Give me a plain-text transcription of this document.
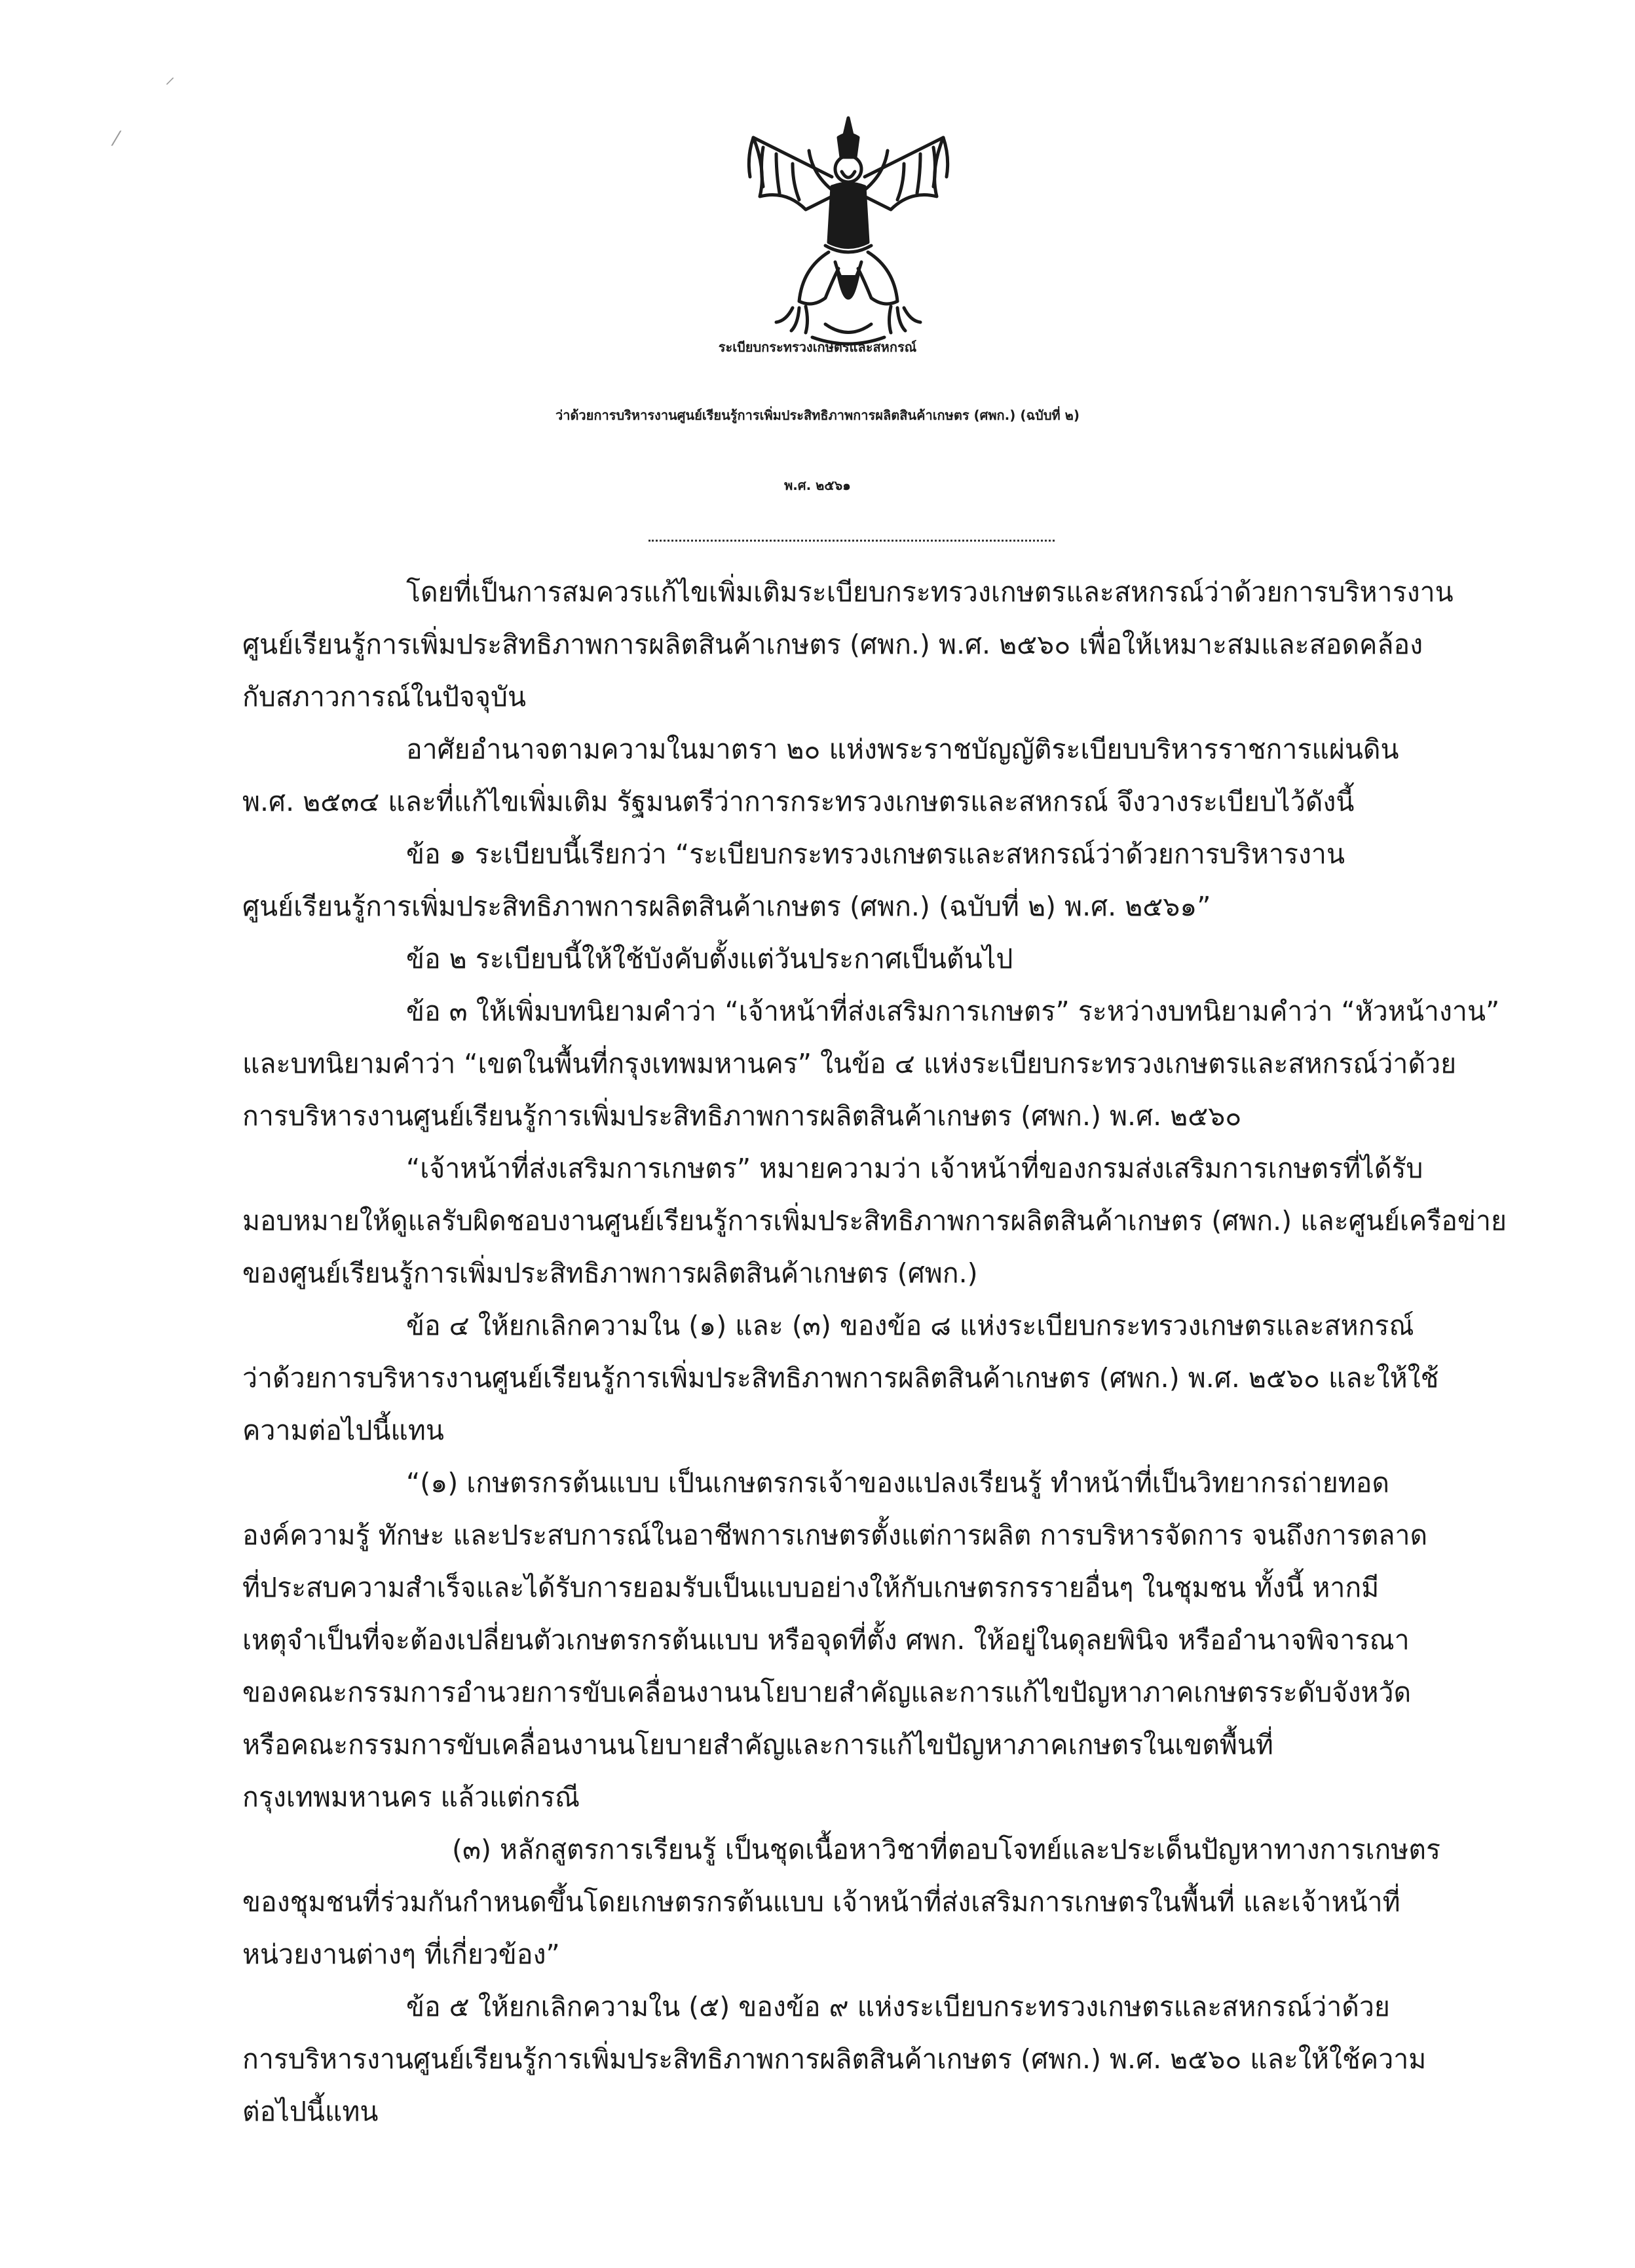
⸝
⁄
ระเบียบกระทรวงเกษตรและสหกรณ์
ว่าด้วยการบริหารงานศูนย์เรียนรู้การเพิ่มประสิทธิภาพการผลิตสินค้าเกษตร (ศพก.) (ฉบับที่ ๒)
พ.ศ. ๒๕๖๑
โดยที่เป็นการสมควรแก้ไขเพิ่มเติมระเบียบกระทรวงเกษตรและสหกรณ์ว่าด้วยการบริหารงาน
ศูนย์เรียนรู้การเพิ่มประสิทธิภาพการผลิตสินค้าเกษตร (ศพก.) พ.ศ. ๒๕๖๐ เพื่อให้เหมาะสมและสอดคล้อง
กับสภาวการณ์ในปัจจุบัน
อาศัยอำนาจตามความในมาตรา ๒๐ แห่งพระราชบัญญัติระเบียบบริหารราชการแผ่นดิน
พ.ศ. ๒๕๓๔ และที่แก้ไขเพิ่มเติม รัฐมนตรีว่าการกระทรวงเกษตรและสหกรณ์ จึงวางระเบียบไว้ดังนี้
ข้อ ๑ ระเบียบนี้เรียกว่า “ระเบียบกระทรวงเกษตรและสหกรณ์ว่าด้วยการบริหารงาน
ศูนย์เรียนรู้การเพิ่มประสิทธิภาพการผลิตสินค้าเกษตร (ศพก.) (ฉบับที่ ๒) พ.ศ. ๒๕๖๑”
ข้อ ๒ ระเบียบนี้ให้ใช้บังคับตั้งแต่วันประกาศเป็นต้นไป
ข้อ ๓ ให้เพิ่มบทนิยามคำว่า “เจ้าหน้าที่ส่งเสริมการเกษตร” ระหว่างบทนิยามคำว่า “หัวหน้างาน”
และบทนิยามคำว่า “เขตในพื้นที่กรุงเทพมหานคร” ในข้อ ๔ แห่งระเบียบกระทรวงเกษตรและสหกรณ์ว่าด้วย
การบริหารงานศูนย์เรียนรู้การเพิ่มประสิทธิภาพการผลิตสินค้าเกษตร (ศพก.) พ.ศ. ๒๕๖๐
“เจ้าหน้าที่ส่งเสริมการเกษตร” หมายความว่า เจ้าหน้าที่ของกรมส่งเสริมการเกษตรที่ได้รับ
มอบหมายให้ดูแลรับผิดชอบงานศูนย์เรียนรู้การเพิ่มประสิทธิภาพการผลิตสินค้าเกษตร (ศพก.) และศูนย์เครือข่าย
ของศูนย์เรียนรู้การเพิ่มประสิทธิภาพการผลิตสินค้าเกษตร (ศพก.)
ข้อ ๔ ให้ยกเลิกความใน (๑) และ (๓) ของข้อ ๘ แห่งระเบียบกระทรวงเกษตรและสหกรณ์
ว่าด้วยการบริหารงานศูนย์เรียนรู้การเพิ่มประสิทธิภาพการผลิตสินค้าเกษตร (ศพก.) พ.ศ. ๒๕๖๐ และให้ใช้
ความต่อไปนี้แทน
“(๑) เกษตรกรต้นแบบ เป็นเกษตรกรเจ้าของแปลงเรียนรู้ ทำหน้าที่เป็นวิทยากรถ่ายทอด
องค์ความรู้ ทักษะ และประสบการณ์ในอาชีพการเกษตรตั้งแต่การผลิต การบริหารจัดการ จนถึงการตลาด
ที่ประสบความสำเร็จและได้รับการยอมรับเป็นแบบอย่างให้กับเกษตรกรรายอื่นๆ ในชุมชน ทั้งนี้ หากมี
เหตุจำเป็นที่จะต้องเปลี่ยนตัวเกษตรกรต้นแบบ หรือจุดที่ตั้ง ศพก. ให้อยู่ในดุลยพินิจ หรืออำนาจพิจารณา
ของคณะกรรมการอำนวยการขับเคลื่อนงานนโยบายสำคัญและการแก้ไขปัญหาภาคเกษตรระดับจังหวัด
หรือคณะกรรมการขับเคลื่อนงานนโยบายสำคัญและการแก้ไขปัญหาภาคเกษตรในเขตพื้นที่
กรุงเทพมหานคร แล้วแต่กรณี
(๓) หลักสูตรการเรียนรู้ เป็นชุดเนื้อหาวิชาที่ตอบโจทย์และประเด็นปัญหาทางการเกษตร
ของชุมชนที่ร่วมกันกำหนดขึ้นโดยเกษตรกรต้นแบบ เจ้าหน้าที่ส่งเสริมการเกษตรในพื้นที่ และเจ้าหน้าที่
หน่วยงานต่างๆ ที่เกี่ยวข้อง”
ข้อ ๕ ให้ยกเลิกความใน (๕) ของข้อ ๙ แห่งระเบียบกระทรวงเกษตรและสหกรณ์ว่าด้วย
การบริหารงานศูนย์เรียนรู้การเพิ่มประสิทธิภาพการผลิตสินค้าเกษตร (ศพก.) พ.ศ. ๒๕๖๐ และให้ใช้ความ
ต่อไปนี้แทน
